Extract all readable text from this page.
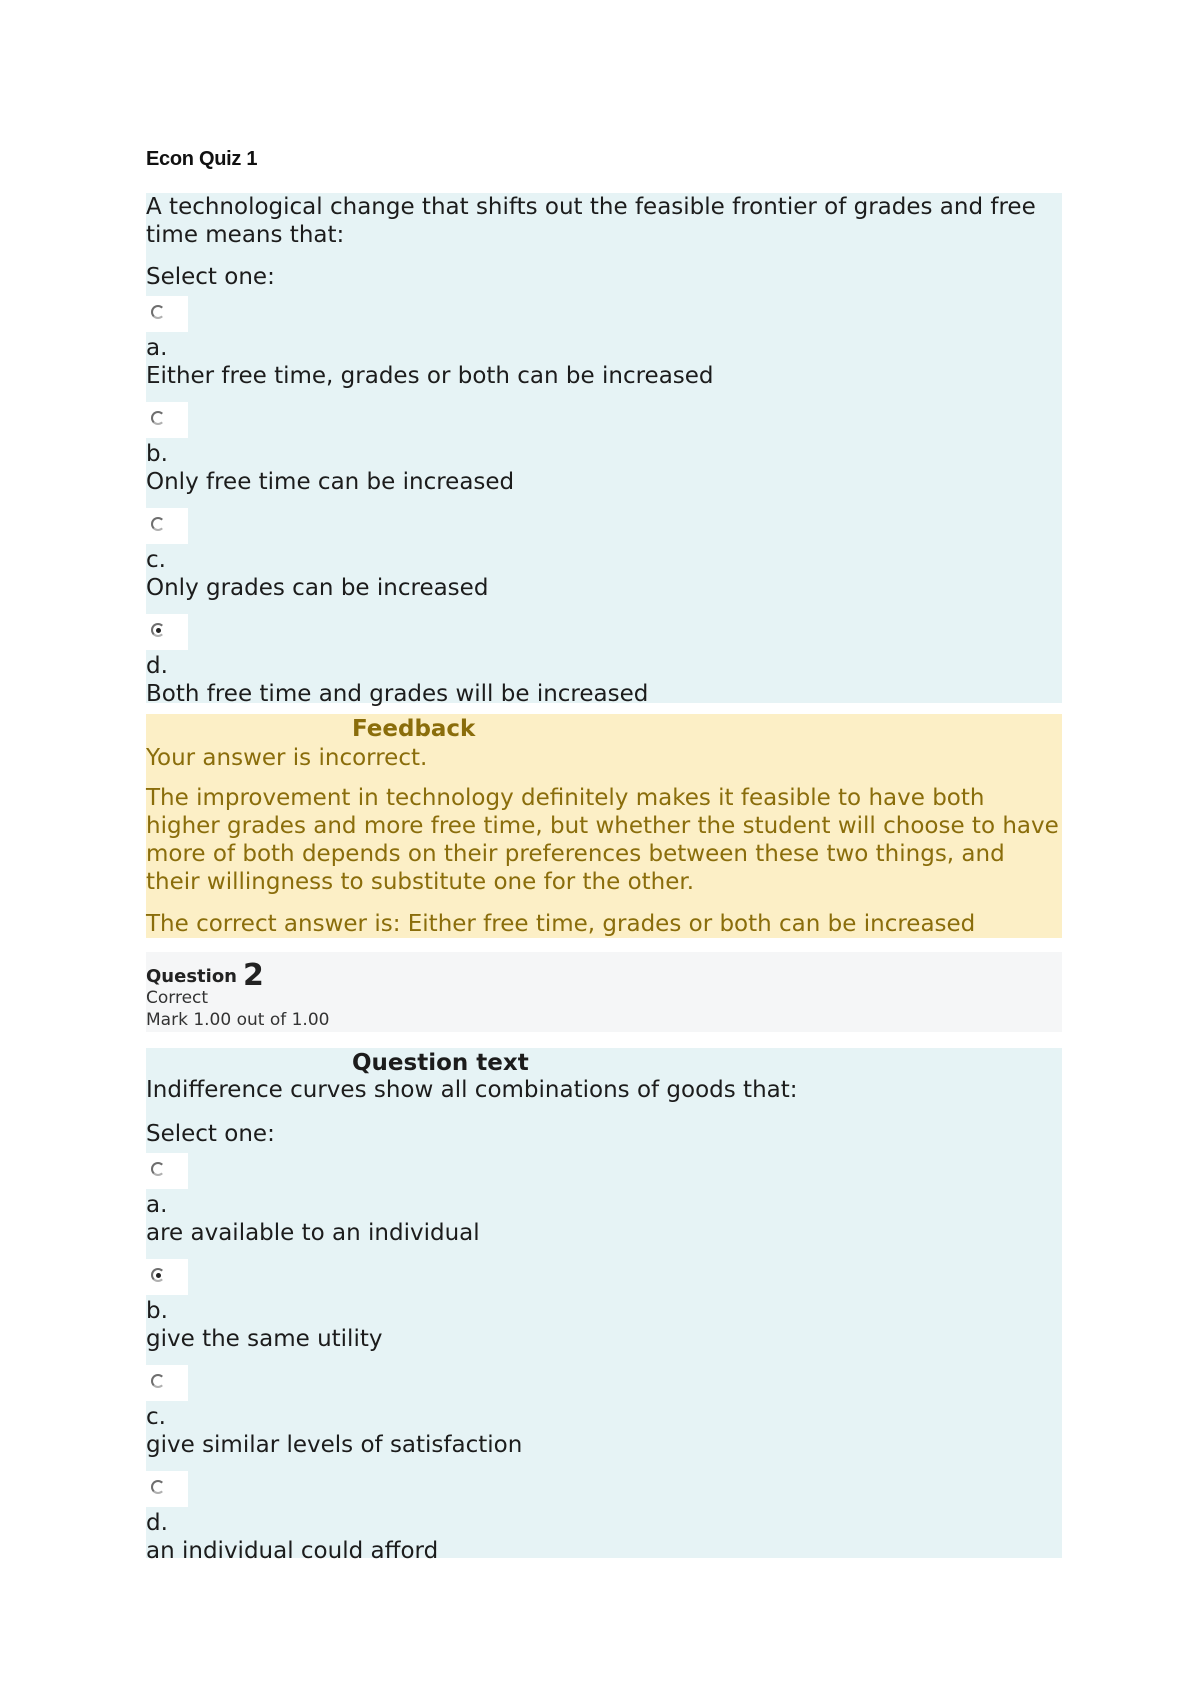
Econ Quiz 1

A technological change that shifts out the feasible frontier of grades and free time means that:

Select one:
a.
Either free time, grades or both can be increased
b.
Only free time can be increased
c.
Only grades can be increased
d.
Both free time and grades will be increased
Feedback
Your answer is incorrect.
The improvement in technology definitely makes it feasible to have both higher grades and more free time, but whether the student will choose to have more of both depends on their preferences between these two things, and their willingness to substitute one for the other.
The correct answer is: Either free time, grades or both can be increased
Question 2
Correct
Mark 1.00 out of 1.00
Question text
Indifference curves show all combinations of goods that:
Select one:
a.
are available to an individual
b.
give the same utility
c.
give similar levels of satisfaction
d.
an individual could afford
